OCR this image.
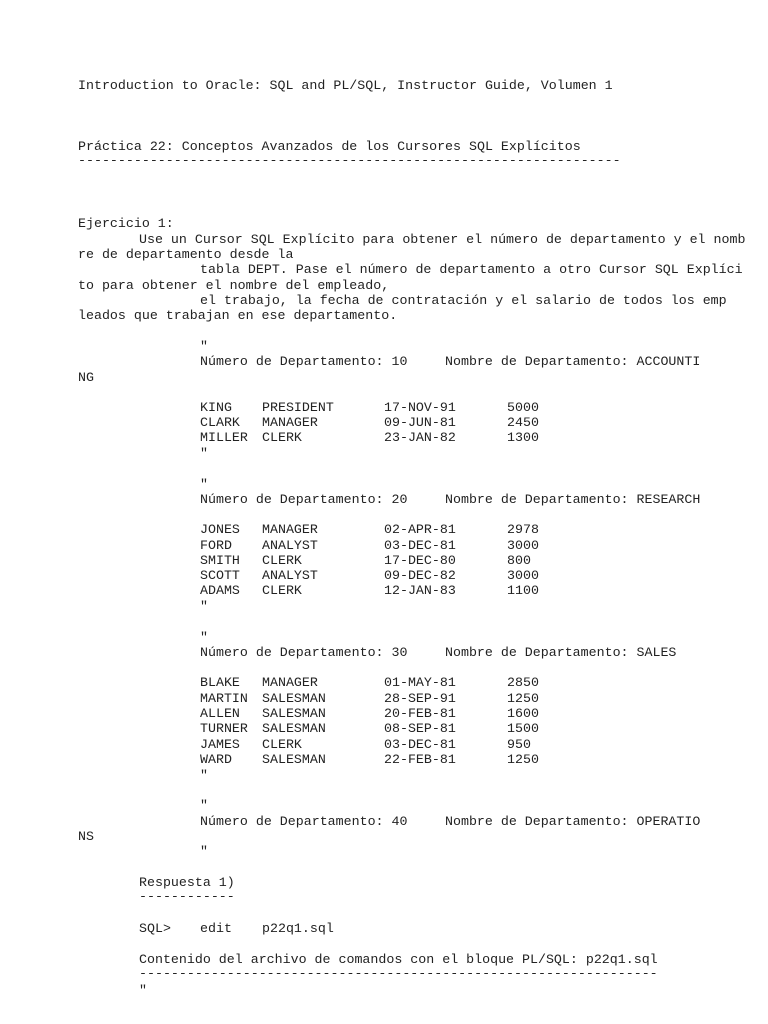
Introduction to Oracle: SQL and PL/SQL, Instructor Guide, Volumen 1
Práctica 22: Conceptos Avanzados de los Cursores SQL Explícitos
--------------------------------------------------------------------
Ejercicio 1:
Use un Cursor SQL Explícito para obtener el número de departamento y el nomb
re de departamento desde la
tabla DEPT. Pase el número de departamento a otro Cursor SQL Explíci
to para obtener el nombre del empleado,
el trabajo, la fecha de contratación y el salario de todos los emp
leados que trabajan en ese departamento.
"
Número de Departamento: 10	Nombre de Departamento: ACCOUNTI
NG
KING PRESIDENT	17-NOV-91	5000
CLARK MANAGER	09-JUN-81	2450
MILLER CLERK	23-JAN-82	1300
"
"
Número de Departamento: 20	Nombre de Departamento: RESEARCH
JONES MANAGER	02-APR-81	2978
FORD ANALYST	03-DEC-81	3000
SMITH CLERK	17-DEC-80	800
SCOTT ANALYST	09-DEC-82	3000
ADAMS CLERK	12-JAN-83	1100
"
"
Número de Departamento: 30	Nombre de Departamento: SALES
BLAKE MANAGER	01-MAY-81	2850
MARTIN SALESMAN	28-SEP-91	1250
ALLEN SALESMAN	20-FEB-81	1600
TURNER SALESMAN	08-SEP-81	1500
JAMES CLERK	03-DEC-81	950
WARD SALESMAN	22-FEB-81	1250
"
"
Número de Departamento: 40	Nombre de Departamento: OPERATIO
NS
"
Respuesta 1)
------------
SQL> edit p22q1.sql
Contenido del archivo de comandos con el bloque PL/SQL: p22q1.sql
-----------------------------------------------------------------
"
